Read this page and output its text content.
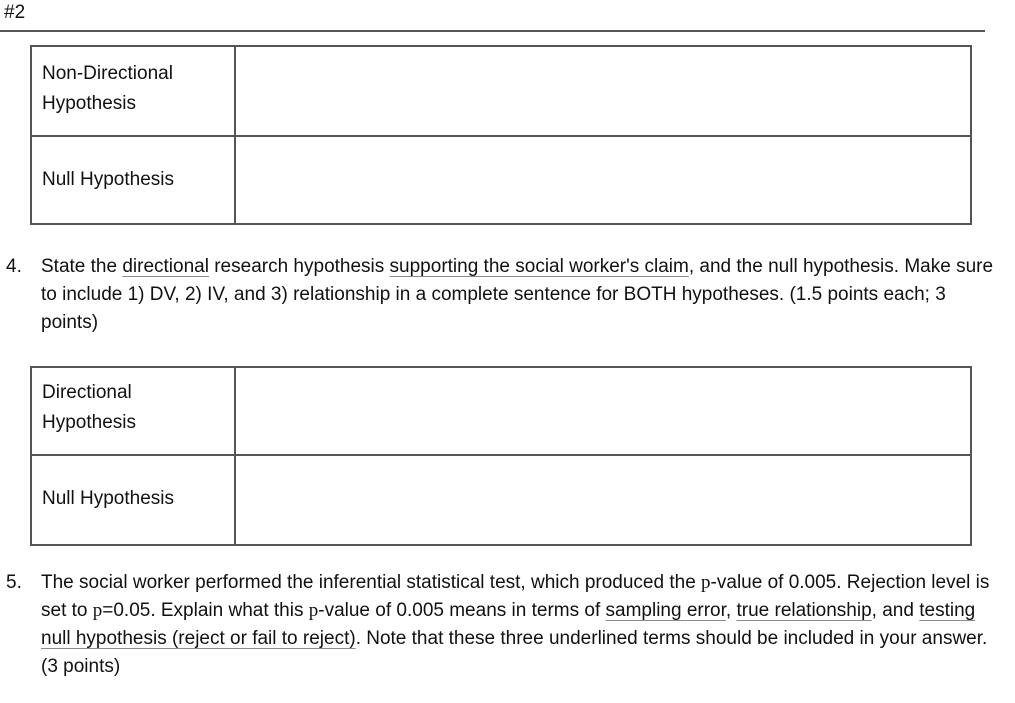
#2
Non-Directional
Hypothesis	
Null Hypothesis	
4. State the directional research hypothesis supporting the social worker's claim, and the null hypothesis. Make sure to include 1) DV, 2) IV, and 3) relationship in a complete sentence for BOTH hypotheses. (1.5 points each; 3 points)
Directional
Hypothesis	
Null Hypothesis	
5. The social worker performed the inferential statistical test, which produced the p-value of 0.005. Rejection level is set to p=0.05. Explain what this p-value of 0.005 means in terms of sampling error, true relationship, and testing null hypothesis (reject or fail to reject). Note that these three underlined terms should be included in your answer. (3 points)
